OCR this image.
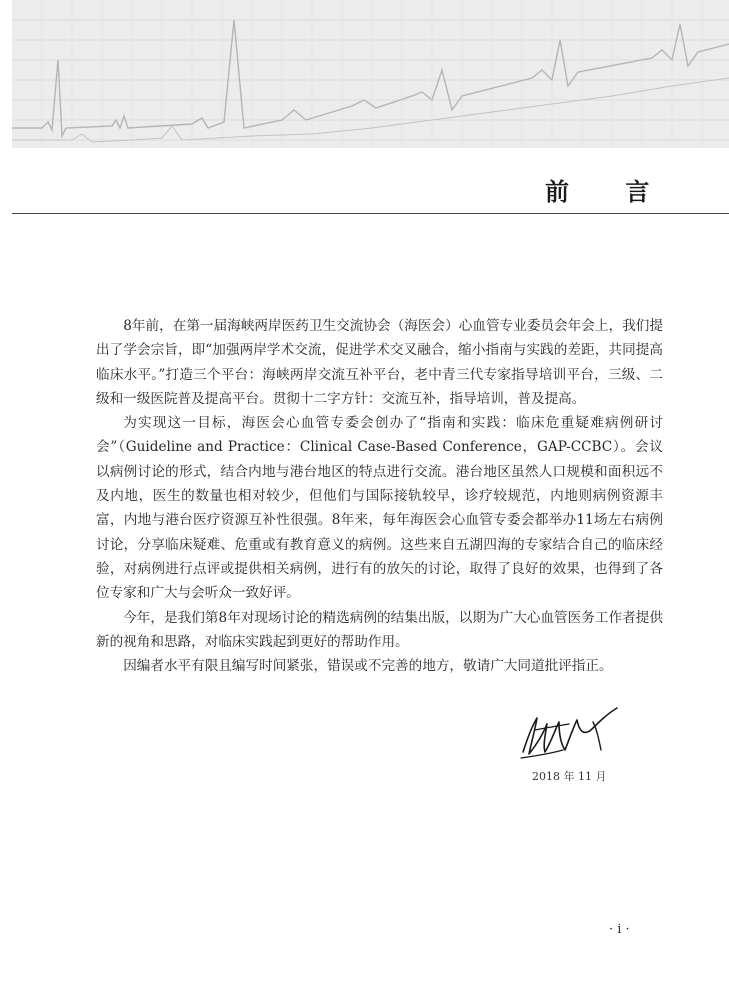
前 言

8年前，在第一届海峡两岸医药卫生交流协会（海医会）心血管专业委员会年会上，我们提出了学会宗旨，即“加强两岸学术交流，促进学术交叉融合，缩小指南与实践的差距，共同提高临床水平。”打造三个平台：海峡两岸交流互补平台，老中青三代专家指导培训平台，三级、二级和一级医院普及提高平台。贯彻十二字方针：交流互补，指导培训，普及提高。

为实现这一目标，海医会心血管专委会创办了“指南和实践：临床危重疑难病例研讨会”（Guideline and Practice：Clinical Case-Based Conference，GAP-CCBC）。会议以病例讨论的形式，结合内地与港台地区的特点进行交流。港台地区虽然人口规模和面积远不及内地，医生的数量也相对较少，但他们与国际接轨较早，诊疗较规范，内地则病例资源丰富，内地与港台医疗资源互补性很强。8年来，每年海医会心血管专委会都举办11场左右病例讨论，分享临床疑难、危重或有教育意义的病例。这些来自五湖四海的专家结合自己的临床经验，对病例进行点评或提供相关病例，进行有的放矢的讨论，取得了良好的效果，也得到了各位专家和广大与会听众一致好评。

今年，是我们第8年对现场讨论的精选病例的结集出版，以期为广大心血管医务工作者提供新的视角和思路，对临床实践起到更好的帮助作用。

因编者水平有限且编写时间紧张，错误或不完善的地方，敬请广大同道批评指正。

2018 年 11 月
· i ·
